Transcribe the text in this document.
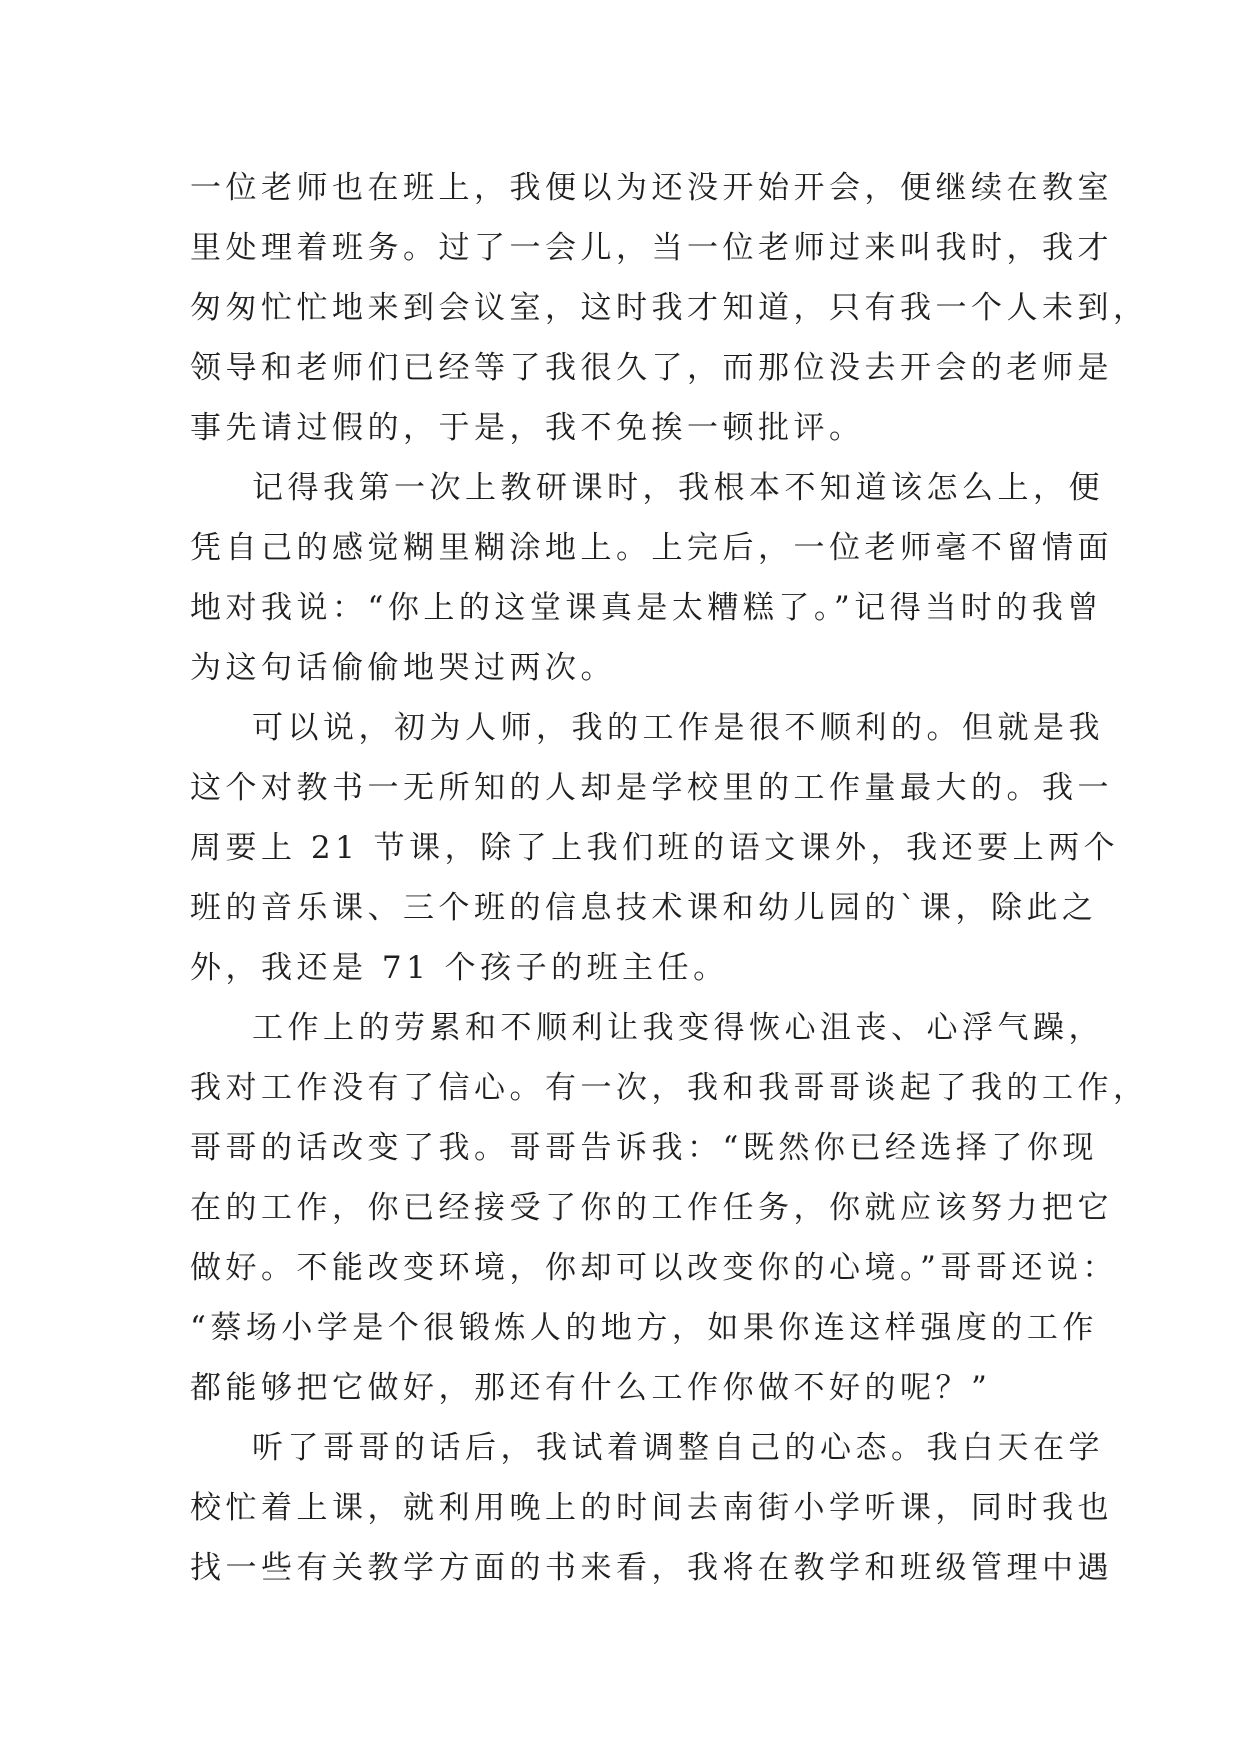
一位老师也在班上，我便以为还没开始开会，便继续在教室
里处理着班务。过了一会儿，当一位老师过来叫我时，我才
匆匆忙忙地来到会议室，这时我才知道，只有我一个人未到，
领导和老师们已经等了我很久了，而那位没去开会的老师是
事先请过假的，于是，我不免挨一顿批评。
记得我第一次上教研课时，我根本不知道该怎么上，便
凭自己的感觉糊里糊涂地上。上完后，一位老师毫不留情面
地对我说：“你上的这堂课真是太糟糕了。”记得当时的我曾
为这句话偷偷地哭过两次。
可以说，初为人师，我的工作是很不顺利的。但就是我
这个对教书一无所知的人却是学校里的工作量最大的。我一
周要上 21 节课，除了上我们班的语文课外，我还要上两个
班的音乐课、三个班的信息技术课和幼儿园的`课，除此之
外，我还是 71 个孩子的班主任。
工作上的劳累和不顺利让我变得恢心沮丧、心浮气躁，
我对工作没有了信心。有一次，我和我哥哥谈起了我的工作，
哥哥的话改变了我。哥哥告诉我：“既然你已经选择了你现
在的工作，你已经接受了你的工作任务，你就应该努力把它
做好。不能改变环境，你却可以改变你的心境。”哥哥还说：
“蔡场小学是个很锻炼人的地方，如果你连这样强度的工作
都能够把它做好，那还有什么工作你做不好的呢？”
听了哥哥的话后，我试着调整自己的心态。我白天在学
校忙着上课，就利用晚上的时间去南街小学听课，同时我也
找一些有关教学方面的书来看，我将在教学和班级管理中遇
